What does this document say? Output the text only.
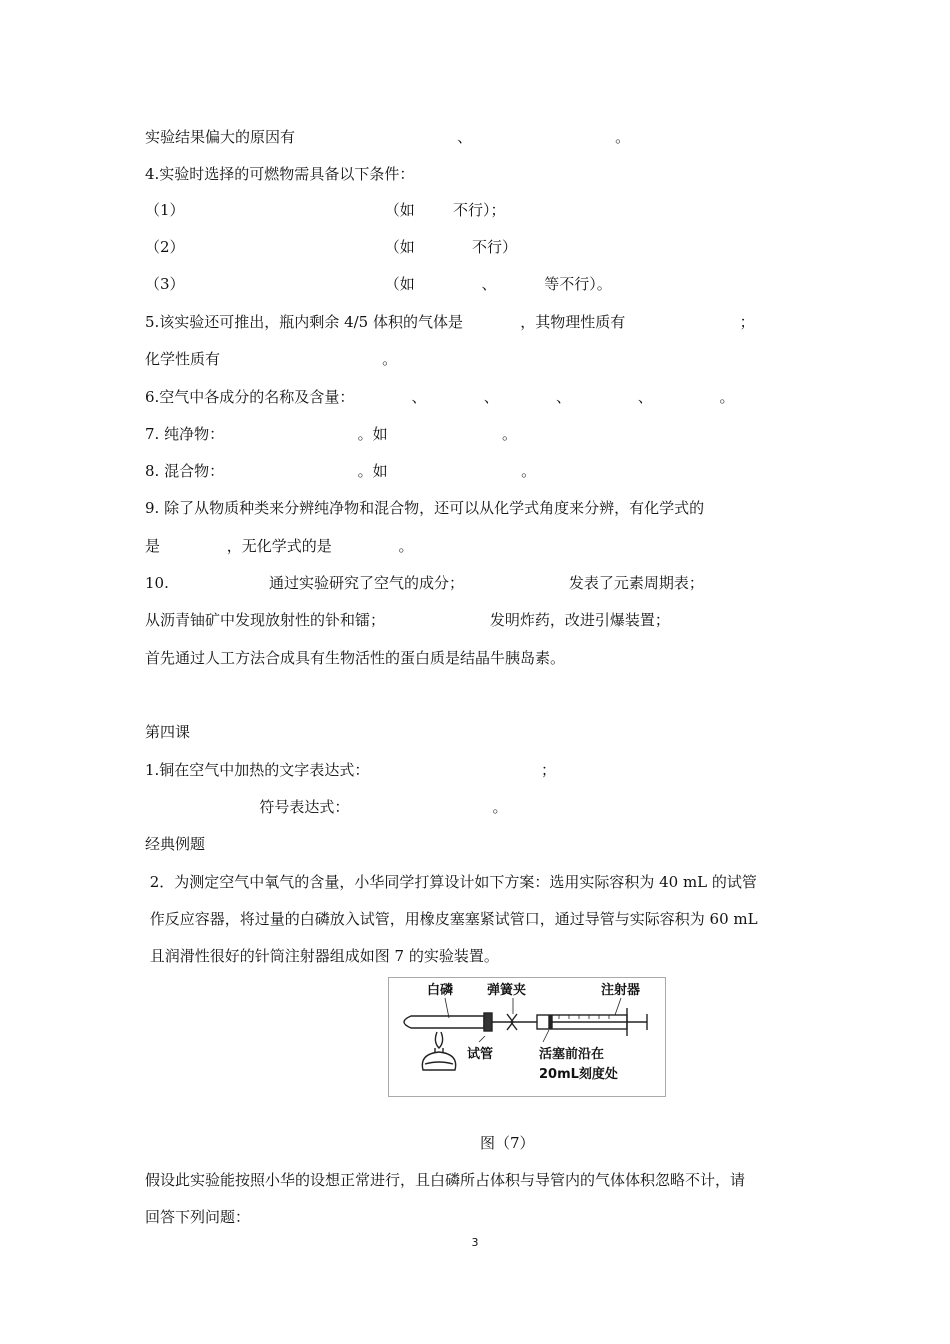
实验结果偏大的原因有                                  、                              。
4.实验时选择的可燃物需具备以下条件：
（1）                                          （如        不行）；
（2）                                          （如            不行）
（3）                                          （如              、          等不行）。
5.该实验还可推出，瓶内剩余 4/5 体积的气体是            ，其物理性质有                        ；
化学性质有                                  。
6.空气中各成分的名称及含量：            、            、            、              、              。
7. 纯净物：                            。如                        。
8. 混合物：                            。如                            。
9. 除了从物质种类来分辨纯净物和混合物，还可以从化学式角度来分辨，有化学式的
是              ，无化学式的是              。
10.                     通过实验研究了空气的成分；                      发表了元素周期表；
从沥青铀矿中发现放射性的钋和镭；                      发明炸药，改进引爆装置；
首先通过人工方法合成具有生物活性的蛋白质是结晶牛胰岛素。
第四课
1.铜在空气中加热的文字表达式：                                    ；
符号表达式：                              。
经典例题
2．为测定空气中氧气的含量，小华同学打算设计如下方案：选用实际容积为 40 mL 的试管
作反应容器，将过量的白磷放入试管，用橡皮塞塞紧试管口，通过导管与实际容积为 60 mL
且润滑性很好的针筒注射器组成如图 7 的实验装置。
白磷	弹簧夹	注射器
试管	活塞前沿在
20mL刻度处
图（7）
假设此实验能按照小华的设想正常进行，且白磷所占体积与导管内的气体体积忽略不计，请
回答下列问题：
3
